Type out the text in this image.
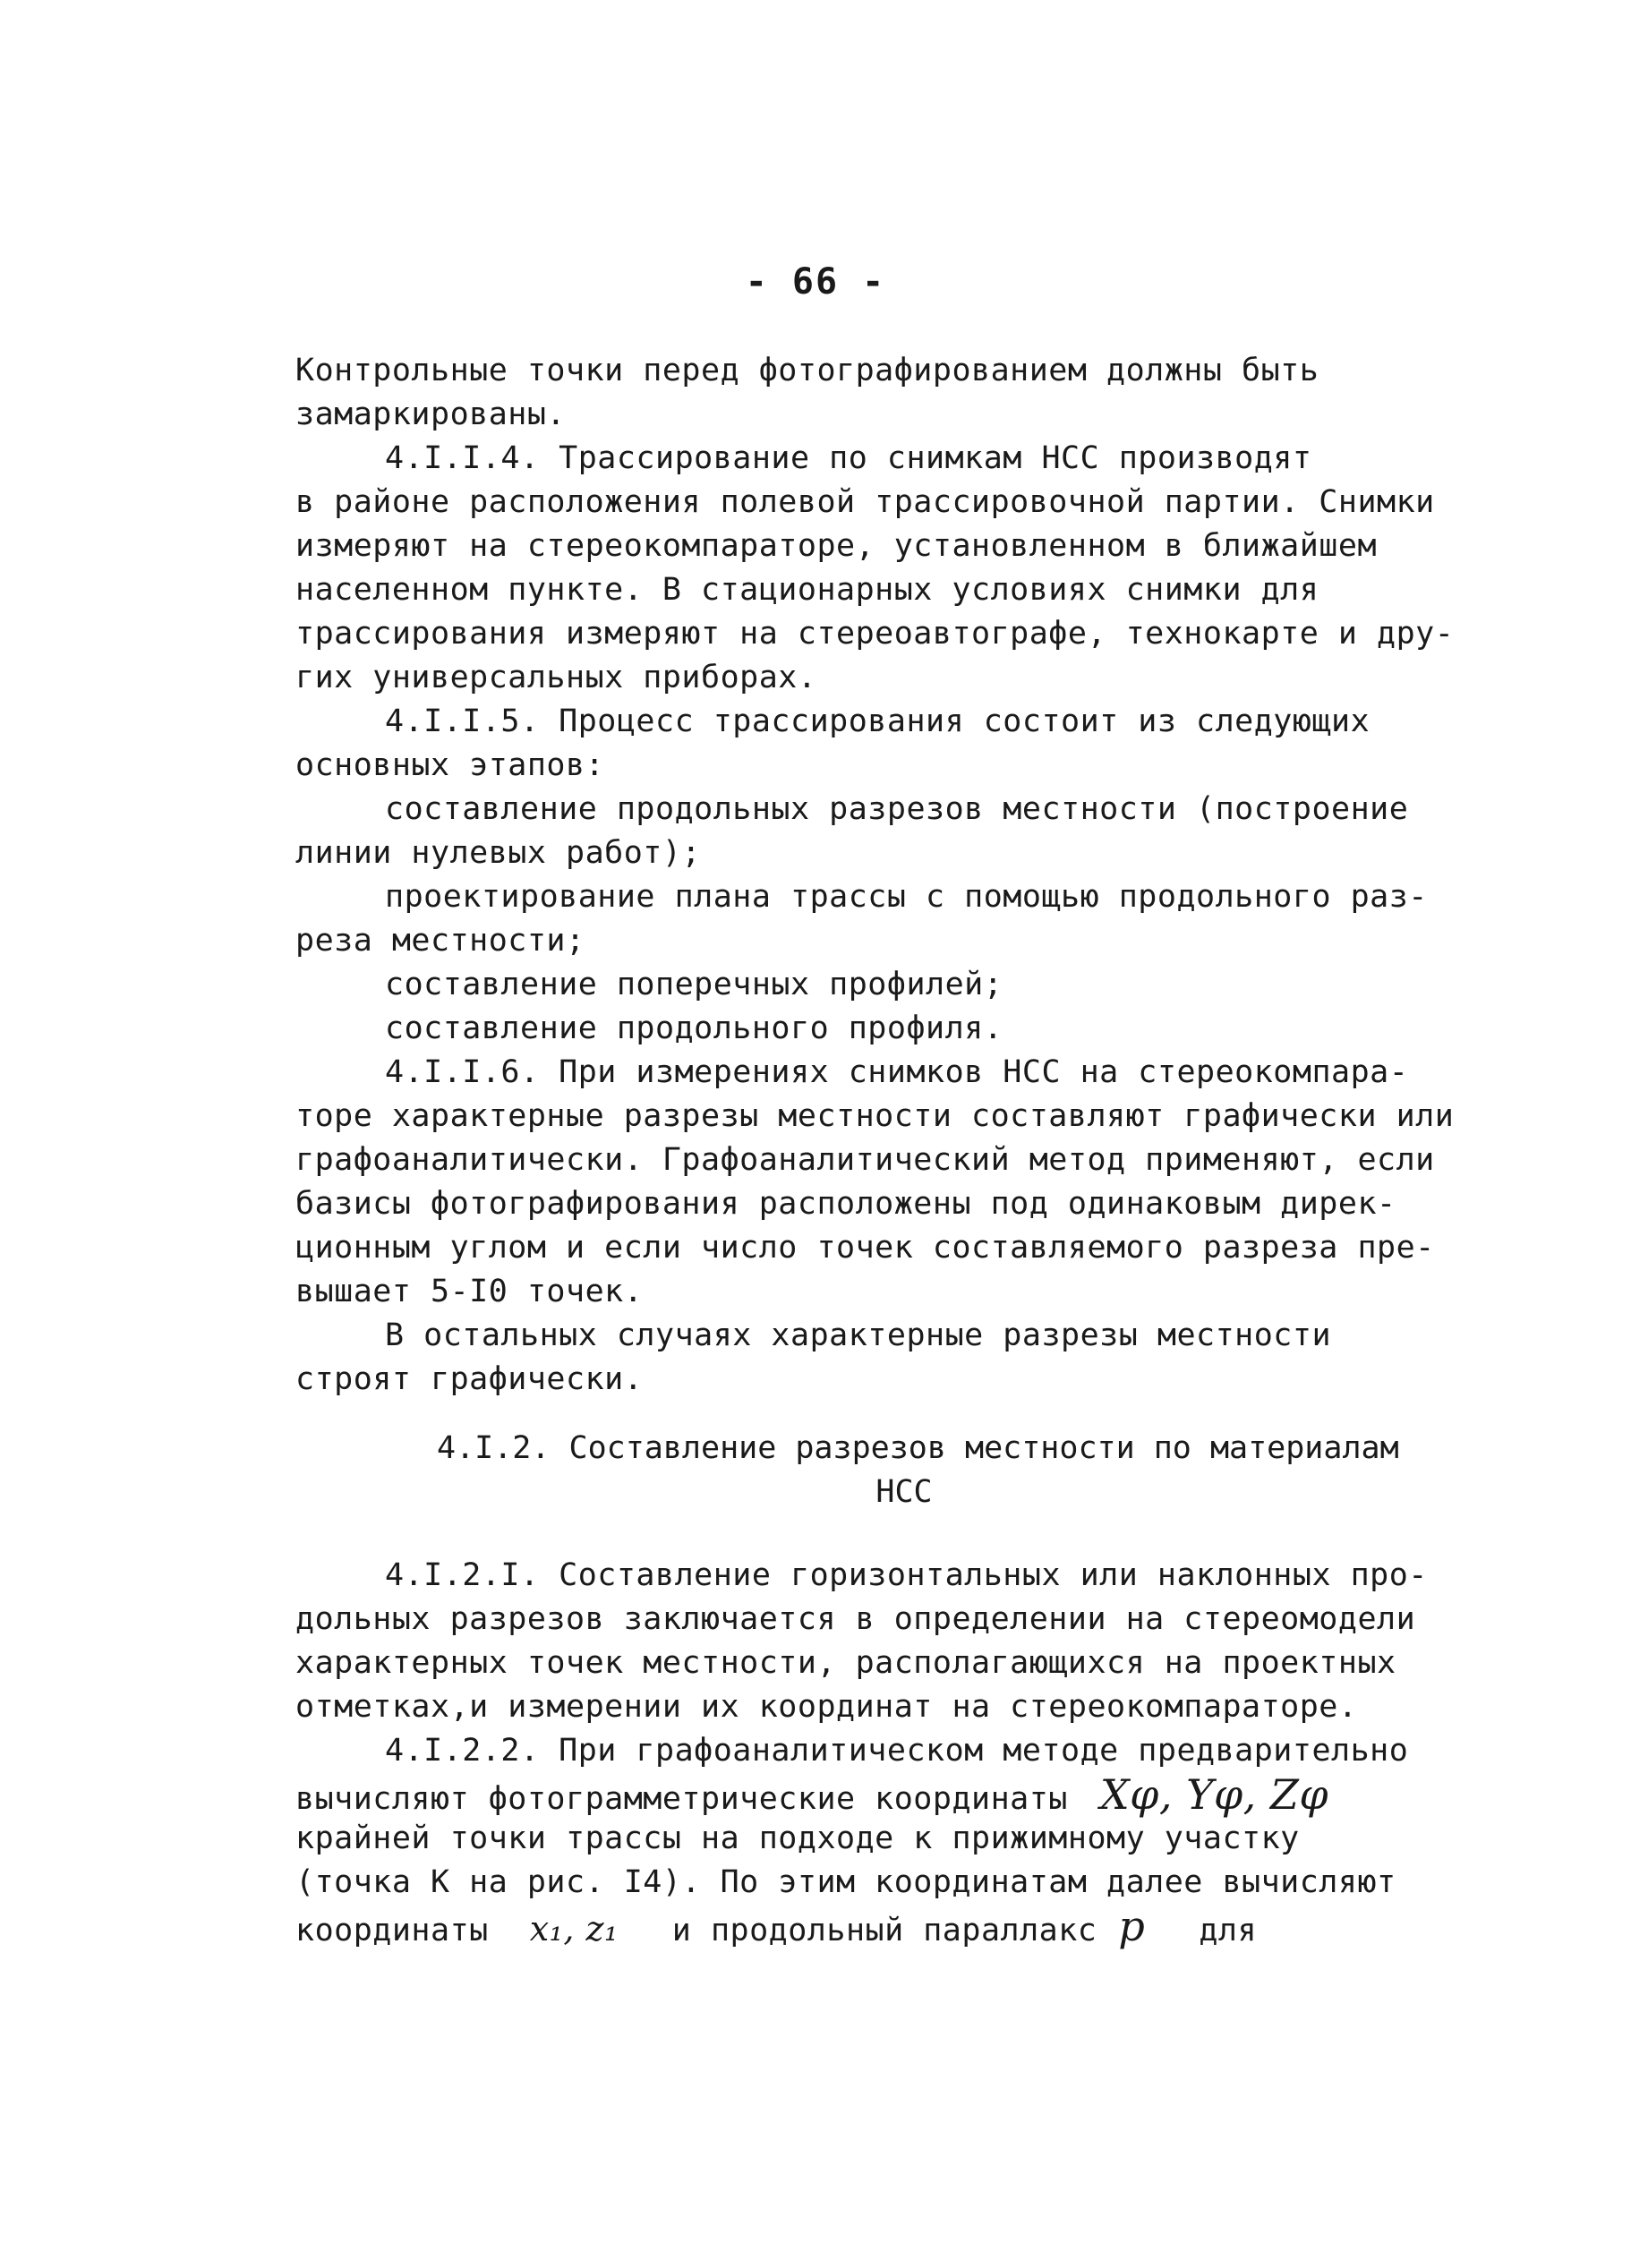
- 66 -
Контрольные точки перед фотографированием должны быть
замаркированы.
4.I.I.4. Трассирование по снимкам НСС производят
в районе расположения полевой трассировочной партии. Снимки
измеряют на стереокомпараторе, установленном в ближайшем
населенном пункте. В стационарных условиях снимки для
трассирования измеряют на стереоавтографе, технокарте и дру-
гих универсальных приборах.
4.I.I.5. Процесс трассирования состоит из следующих
основных этапов:
составление продольных разрезов местности (построение
линии нулевых работ);
проектирование плана трассы с помощью продольного раз-
реза местности;
составление поперечных профилей;
составление продольного профиля.
4.I.I.6. При измерениях снимков НСС на стереокомпара-
торе характерные разрезы местности составляют графически или
графоаналитически. Графоаналитический метод применяют, если
базисы фотографирования расположены под одинаковым дирек-
ционным углом и если число точек составляемого разреза пре-
вышает 5-I0 точек.
В остальных случаях характерные разрезы местности
строят графически.
4.I.2. Составление разрезов местности по материалам
НСС
4.I.2.I. Составление горизонтальных или наклонных про-
дольных разрезов заключается в определении на стереомодели
характерных точек местности, располагающихся на проектных
отметках,и измерении их координат на стереокомпараторе.
4.I.2.2. При графоаналитическом методе предварительно
вычисляют фотограмметрические координаты Xφ, Yφ, Zφ
крайней точки трассы на подходе к прижимному участку
(точка К на рис. I4). По этим координатам далее вычисляют
координаты x₁, z₁ и продольный параллакс p для
